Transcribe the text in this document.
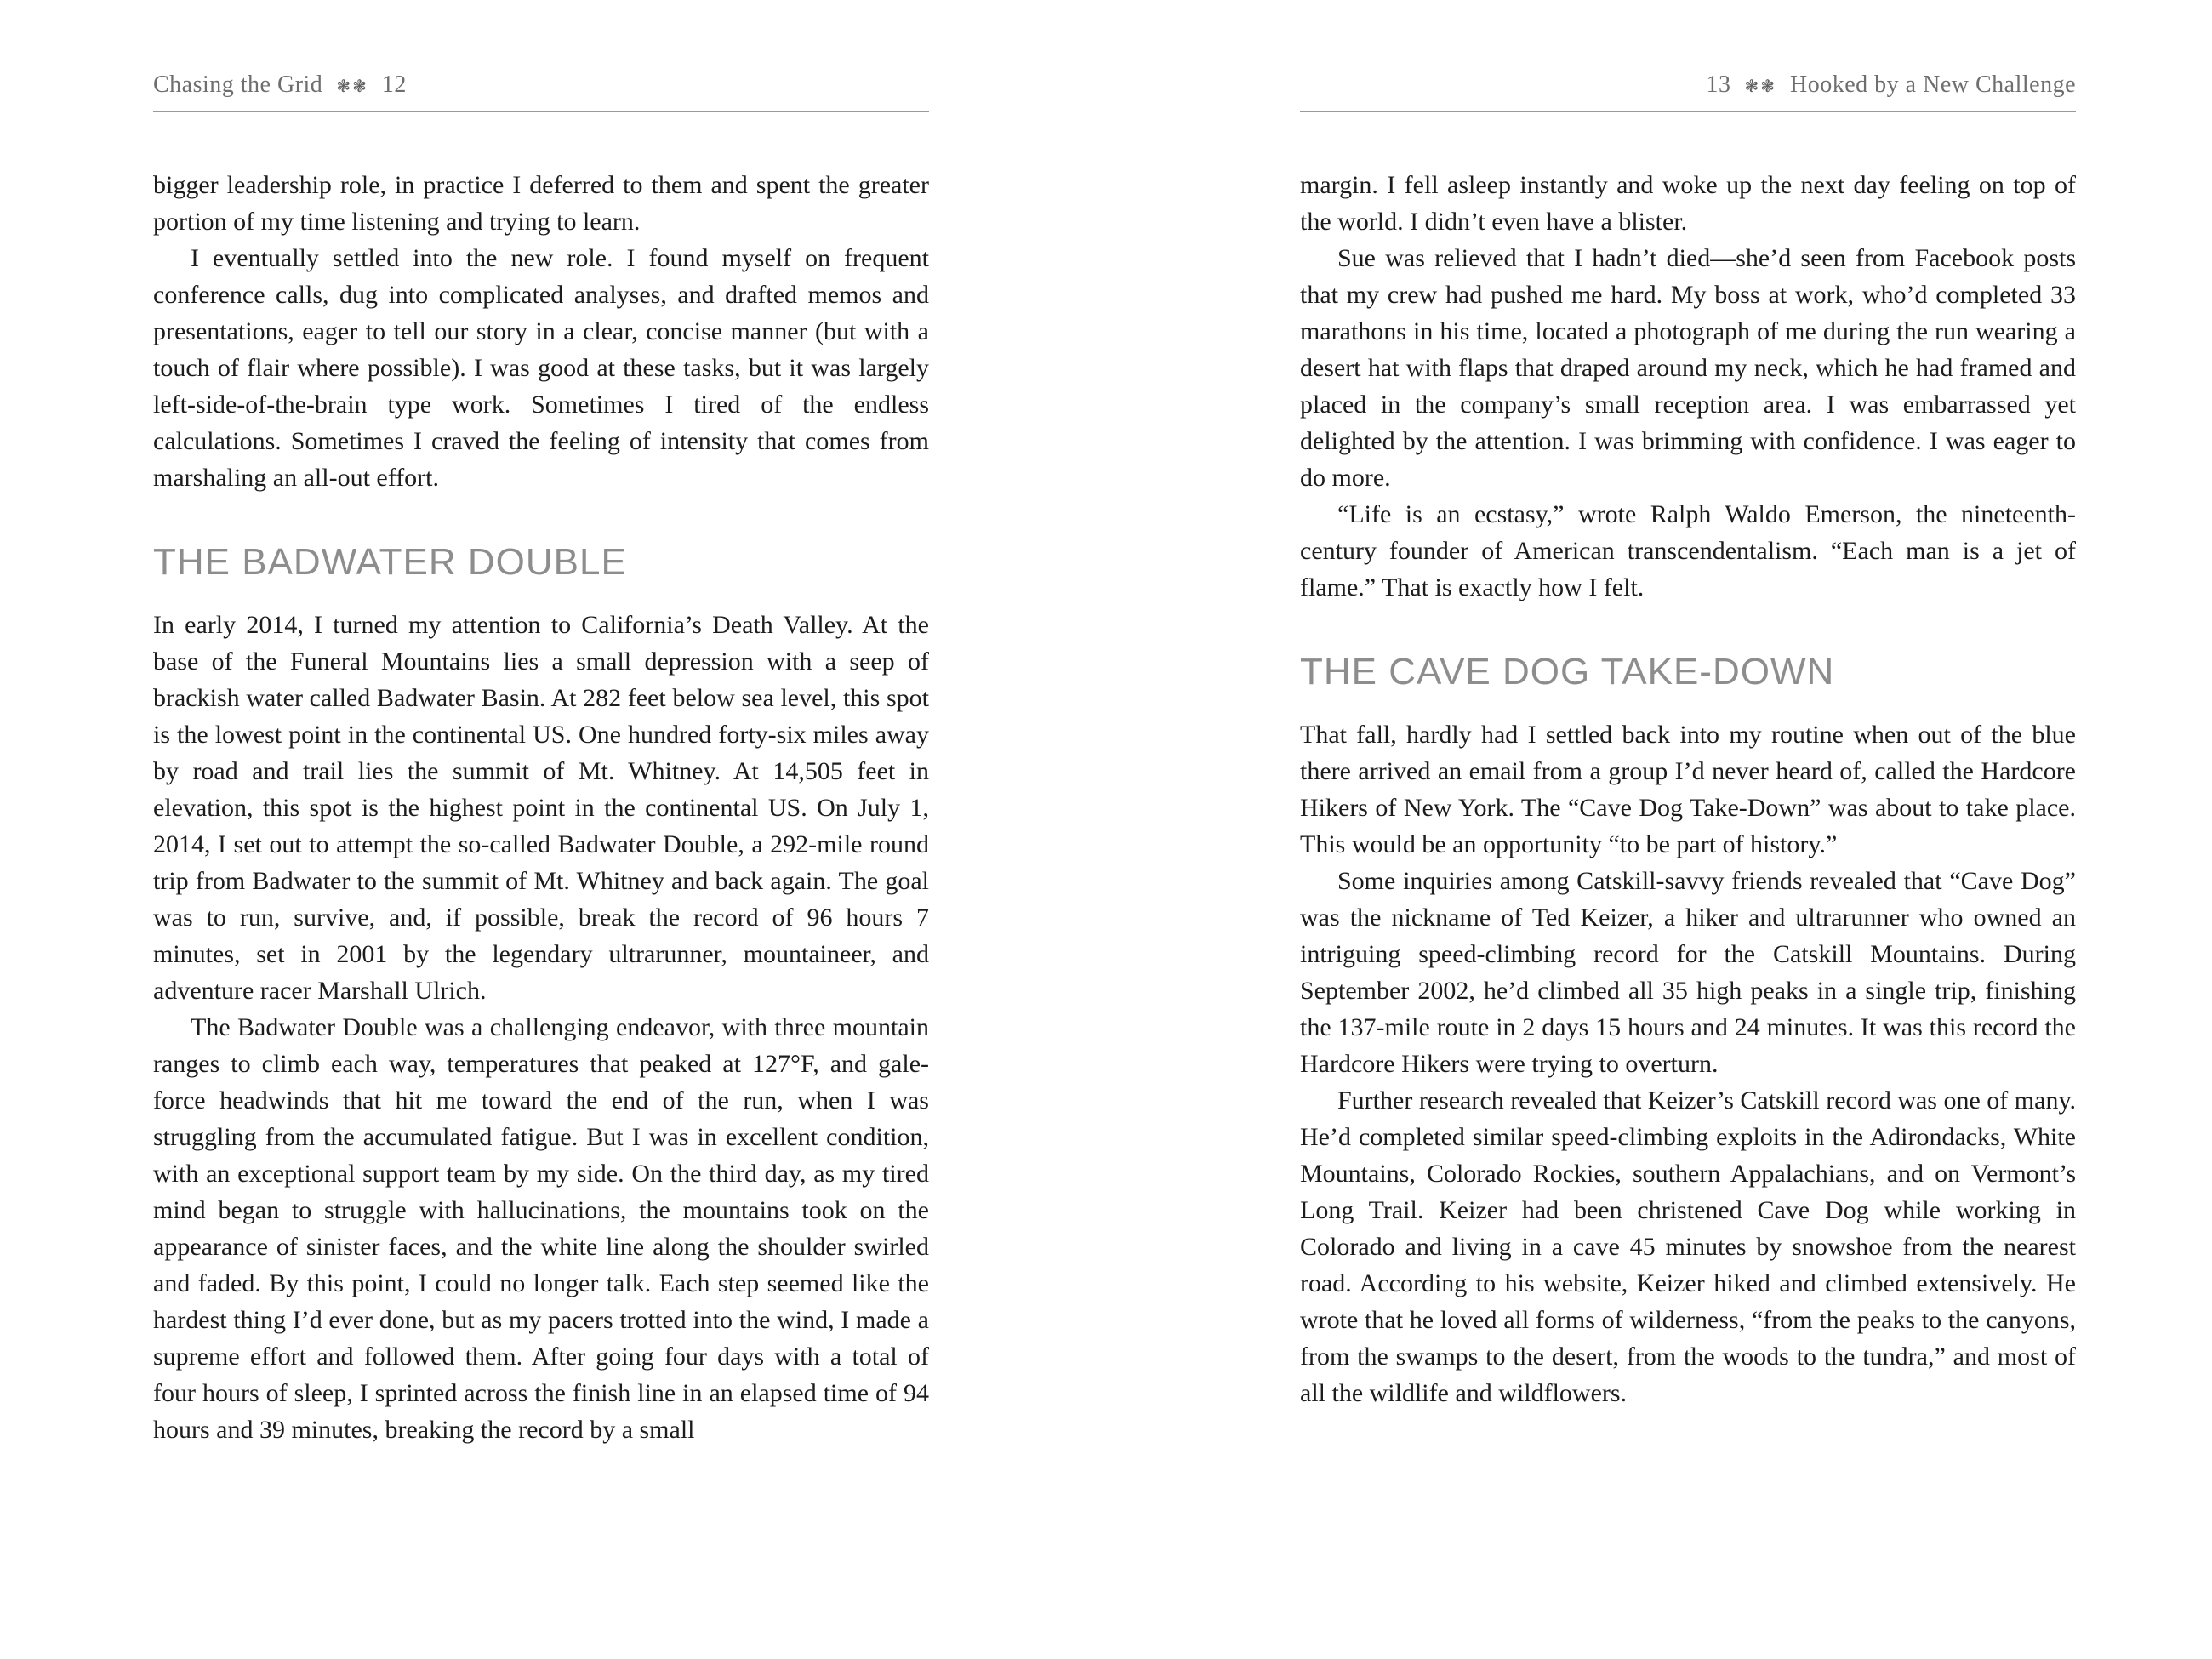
Chasing the Grid ❃❃ 12

bigger leadership role, in practice I deferred to them and spent the greater portion of my time listening and trying to learn.

I eventually settled into the new role. I found myself on frequent conference calls, dug into complicated analyses, and drafted memos and presentations, eager to tell our story in a clear, concise manner (but with a touch of flair where possible). I was good at these tasks, but it was largely left-side-of-the-brain type work. Sometimes I tired of the endless calculations. Sometimes I craved the feeling of intensity that comes from marshaling an all-out effort.

THE BADWATER DOUBLE

In early 2014, I turned my attention to California’s Death Valley. At the base of the Funeral Mountains lies a small depression with a seep of brackish water called Badwater Basin. At 282 feet below sea level, this spot is the lowest point in the continental US. One hundred forty-six miles away by road and trail lies the summit of Mt. Whitney. At 14,505 feet in elevation, this spot is the highest point in the continental US. On July 1, 2014, I set out to attempt the so-called Badwater Double, a 292-mile round trip from Badwater to the summit of Mt. Whitney and back again. The goal was to run, survive, and, if possible, break the record of 96 hours 7 minutes, set in 2001 by the legendary ultrarunner, mountaineer, and adventure racer Marshall Ulrich.

The Badwater Double was a challenging endeavor, with three mountain ranges to climb each way, temperatures that peaked at 127°F, and gale-force headwinds that hit me toward the end of the run, when I was struggling from the accumulated fatigue. But I was in excellent condition, with an exceptional support team by my side. On the third day, as my tired mind began to struggle with hallucinations, the mountains took on the appearance of sinister faces, and the white line along the shoulder swirled and faded. By this point, I could no longer talk. Each step seemed like the hardest thing I’d ever done, but as my pacers trotted into the wind, I made a supreme effort and followed them. After going four days with a total of four hours of sleep, I sprinted across the finish line in an elapsed time of 94 hours and 39 minutes, breaking the record by a small

13 ❃❃ Hooked by a New Challenge

margin. I fell asleep instantly and woke up the next day feeling on top of the world. I didn’t even have a blister.

Sue was relieved that I hadn’t died—she’d seen from Facebook posts that my crew had pushed me hard. My boss at work, who’d completed 33 marathons in his time, located a photograph of me during the run wearing a desert hat with flaps that draped around my neck, which he had framed and placed in the company’s small reception area. I was embarrassed yet delighted by the attention. I was brimming with confidence. I was eager to do more.

“Life is an ecstasy,” wrote Ralph Waldo Emerson, the nineteenth-century founder of American transcendentalism. “Each man is a jet of flame.” That is exactly how I felt.

THE CAVE DOG TAKE-DOWN

That fall, hardly had I settled back into my routine when out of the blue there arrived an email from a group I’d never heard of, called the Hardcore Hikers of New York. The “Cave Dog Take-Down” was about to take place. This would be an opportunity “to be part of history.”

Some inquiries among Catskill-savvy friends revealed that “Cave Dog” was the nickname of Ted Keizer, a hiker and ultrarunner who owned an intriguing speed-climbing record for the Catskill Mountains. During September 2002, he’d climbed all 35 high peaks in a single trip, finishing the 137-mile route in 2 days 15 hours and 24 minutes. It was this record the Hardcore Hikers were trying to overturn.

Further research revealed that Keizer’s Catskill record was one of many. He’d completed similar speed-climbing exploits in the Adirondacks, White Mountains, Colorado Rockies, southern Appalachians, and on Vermont’s Long Trail. Keizer had been christened Cave Dog while working in Colorado and living in a cave 45 minutes by snowshoe from the nearest road. According to his website, Keizer hiked and climbed extensively. He wrote that he loved all forms of wilderness, “from the peaks to the canyons, from the swamps to the desert, from the woods to the tundra,” and most of all the wildlife and wildflowers.
